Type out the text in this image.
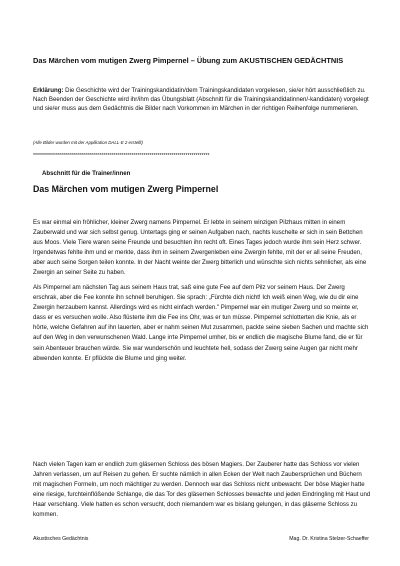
Das Märchen vom mutigen Zwerg Pimpernel – Übung zum AKUSTISCHEN GEDÄCHTNIS

Erklärung: Die Geschichte wird der Trainingskandidatin/dem Trainingskandidaten vorgelesen, sie/er hört ausschließlich zu. Nach Beenden der Geschichte wird ihr/ihm das Übungsblatt (Abschnitt für die Trainingskandidatinnen/-kandidaten) vorgelegt und sie/er muss aus dem Gedächtnis die Bilder nach Vorkommen im Märchen in der richtigen Reihenfolge nummerieren.

(Alle Bilder wurden mit der Applikation DALL-E 2 erstellt)

****************************************************************************************

Abschnitt für die Trainer/innen

Das Märchen vom mutigen Zwerg Pimpernel

Es war einmal ein fröhlicher, kleiner Zwerg namens Pimpernel. Er lebte in seinem winzigen Pilzhaus mitten in einem Zauberwald und war sich selbst genug. Untertags ging er seinen Aufgaben nach, nachts kuschelte er sich in sein Bettchen aus Moos. Viele Tiere waren seine Freunde und besuchten ihn recht oft. Eines Tages jedoch wurde ihm sein Herz schwer. Irgendetwas fehlte ihm und er merkte, dass ihm in seinem Zwergenleben eine Zwergin fehlte, mit der er all seine Freuden, aber auch seine Sorgen teilen konnte. In der Nacht weinte der Zwerg bitterlich und wünschte sich nichts sehnlicher, als eine Zwergin an seiner Seite zu haben.

Als Pimpernel am nächsten Tag aus seinem Haus trat, saß eine gute Fee auf dem Pilz vor seinem Haus. Der Zwerg erschrak, aber die Fee konnte ihn schnell beruhigen. Sie sprach: „Fürchte dich nicht! Ich weiß einen Weg, wie du dir eine Zwergin herzaubern kannst. Allerdings wird es nicht einfach werden." Pimpernel war ein mutiger Zwerg und so meinte er, dass er es versuchen wolle. Also flüsterte ihm die Fee ins Ohr, was er tun müsse. Pimpernel schlotterten die Knie, als er hörte, welche Gefahren auf ihn lauerten, aber er nahm seinen Mut zusammen, packte seine sieben Sachen und machte sich auf den Weg in den verwunschenen Wald. Lange irrte Pimpernel umher, bis er endlich die magische Blume fand, die er für sein Abenteuer brauchen würde. Sie war wunderschön und leuchtete hell, sodass der Zwerg seine Augen gar nicht mehr abwenden konnte. Er pflückte die Blume und ging weiter.

Nach vielen Tagen kam er endlich zum gläsernen Schloss des bösen Magiers. Der Zauberer hatte das Schloss vor vielen Jahren verlassen, um auf Reisen zu gehen. Er suchte nämlich in allen Ecken der Welt nach Zaubersprüchen und Büchern mit magischen Formeln, um noch mächtiger zu werden. Dennoch war das Schloss nicht unbewacht. Der böse Magier hatte eine riesige, furchteinflößende Schlange, die das Tor des gläsernen Schlosses bewachte und jeden Eindringling mit Haut und Haar verschlang. Viele hatten es schon versucht, doch niemandem war es bislang gelungen, in das gläserne Schloss zu kommen.

Akustisches Gedächtnis	Mag. Dr. Kristina Stelzer-Schaeffer
